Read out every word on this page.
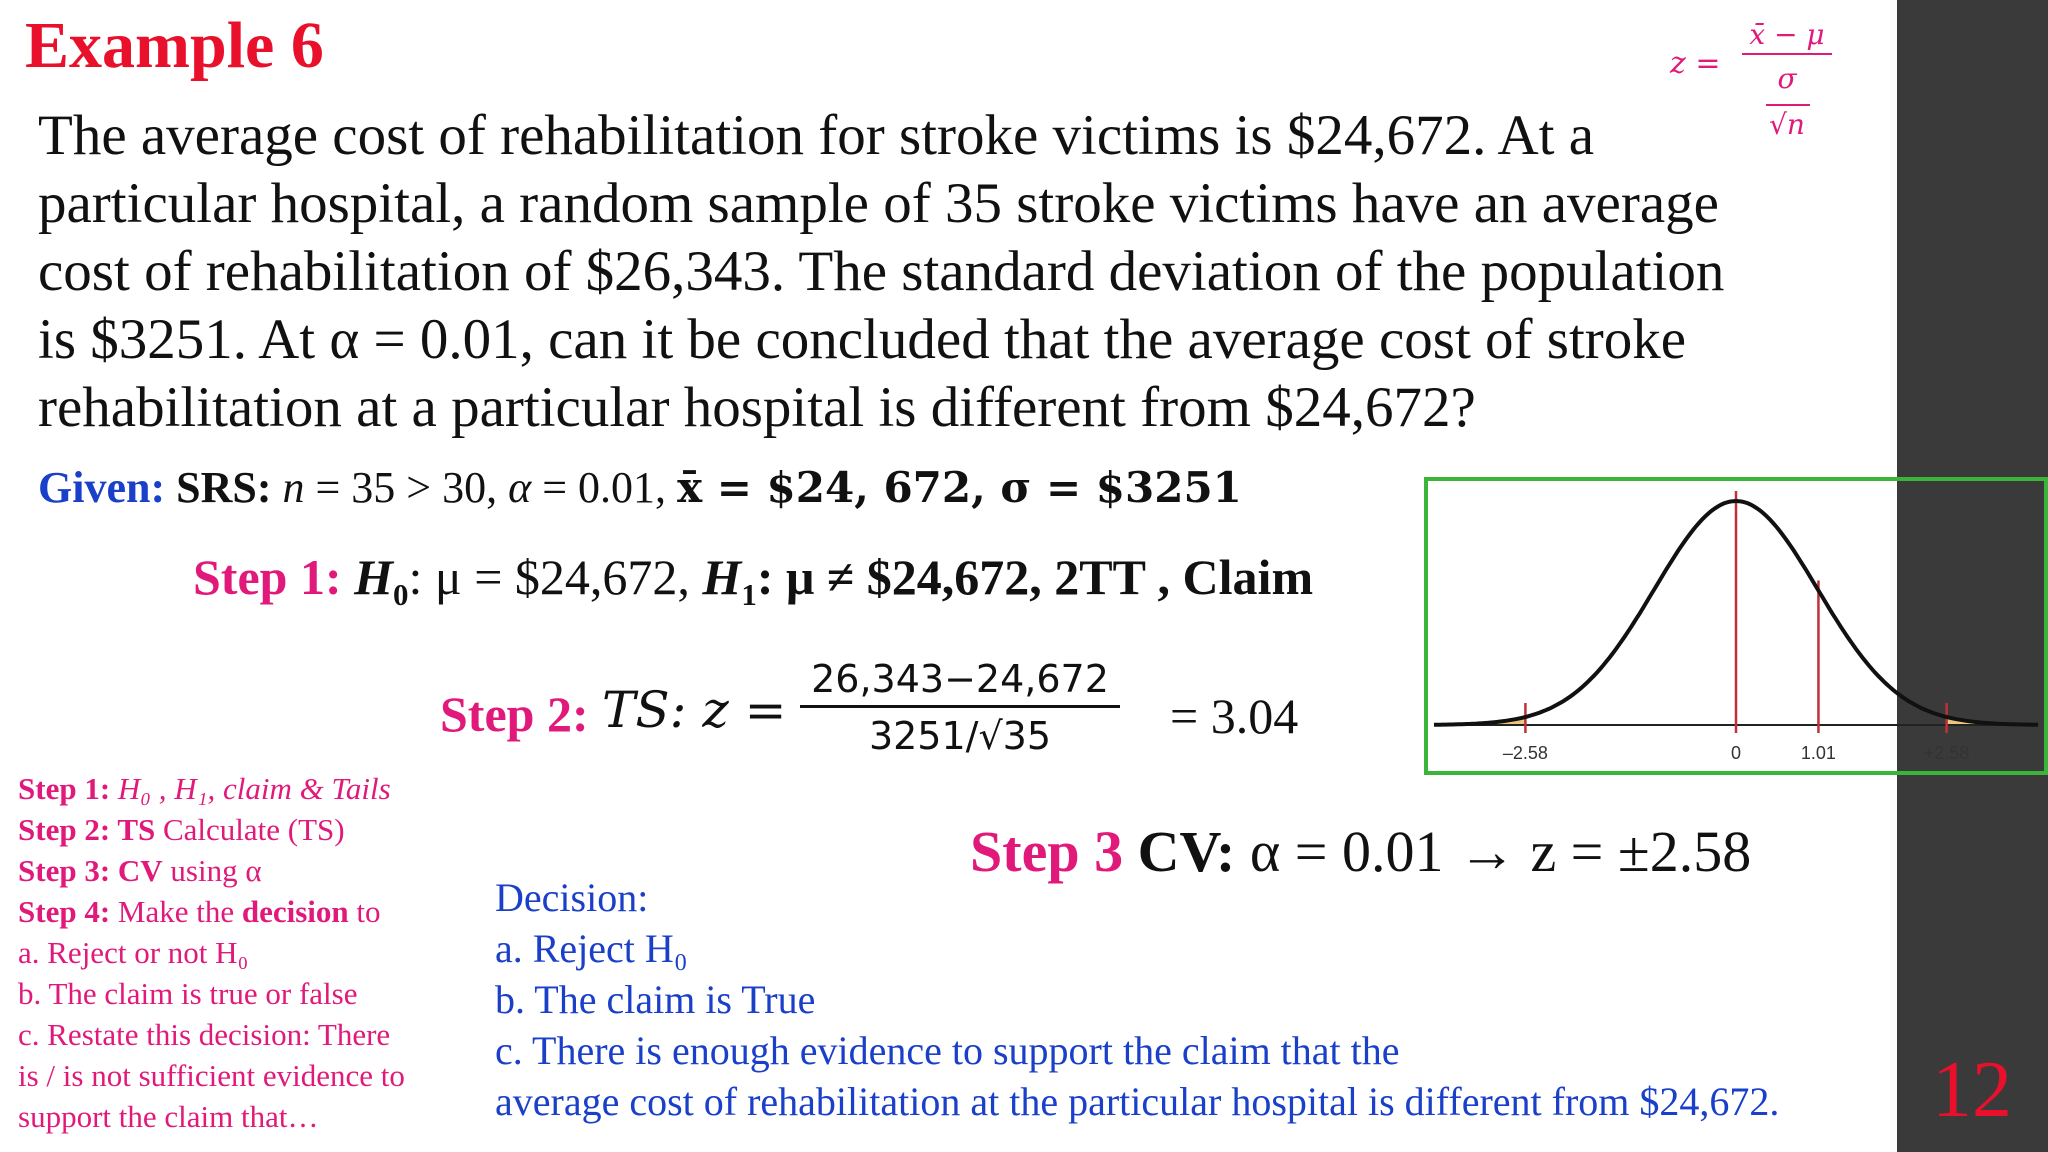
12
Example 6	z =
x̄ − μ
σ
√n
The average cost of rehabilitation for stroke victims is $24,672. At a
particular hospital, a random sample of 35 stroke victims have an average
cost of rehabilitation of $26,343. The standard deviation of the population
is $3251. At α = 0.01, can it be concluded that the average cost of stroke
rehabilitation at a particular hospital is different from $24,672?
Given: SRS: n = 35 > 30, α = 0.01, x̄ = $24, 672, σ = $3251
Step 1: $H_0$: μ = $24,672, $H_1$: μ ≠ $24,672, 2TT , Claim
Step 2: TS: $z = \frac{26,343-24,672}{3251/√35} = 3.04$
–2.58	0	1.01	+2.58
Step 3 CV: α = 0.01 → z = ±2.58
Step 1: H₀ , H₁, claim & Tails
Step 2: TS Calculate (TS)
Step 3: CV using α
Step 4: Make the decision to
a. Reject or not H₀
b. The claim is true or false
c. Restate this decision: There
is / is not sufficient evidence to
support the claim that…
Decision:
a. Reject H₀
b. The claim is True
c. There is enough evidence to support the claim that the
average cost of rehabilitation at the particular hospital is different from $24,672.
